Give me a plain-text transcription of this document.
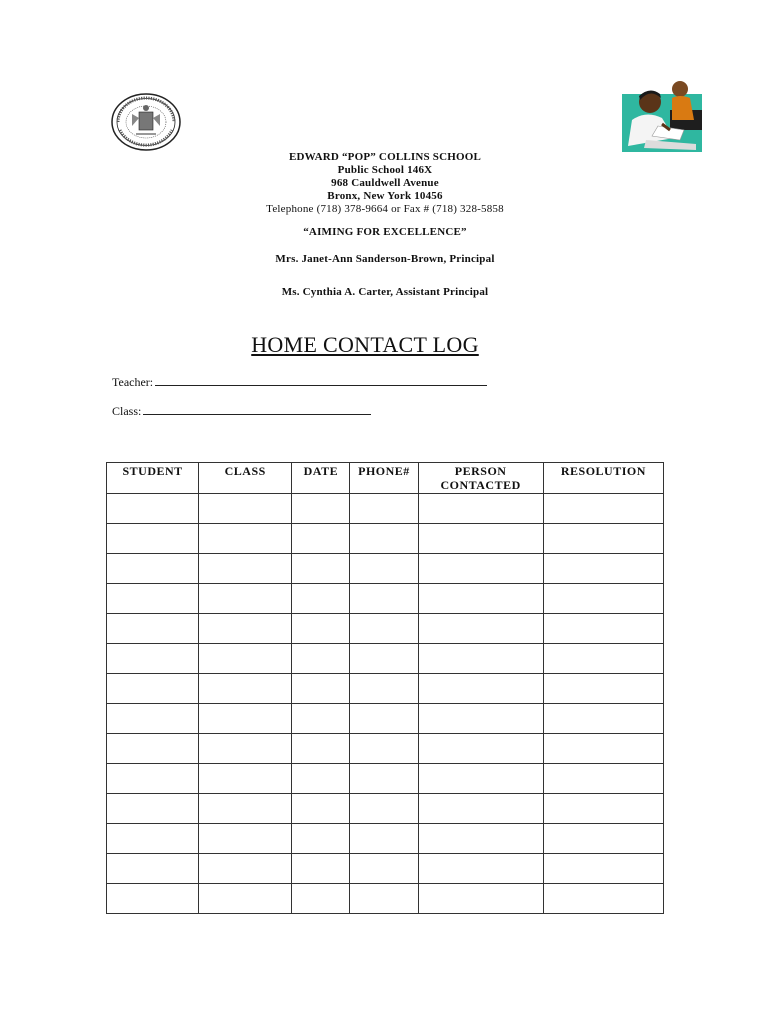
EDWARD “POP” COLLINS SCHOOL
Public School 146X
968 Cauldwell Avenue
Bronx, New York 10456
Telephone (718) 378-9664 or Fax # (718) 328-5858
“AIMING FOR EXCELLENCE”
Mrs. Janet-Ann Sanderson-Brown, Principal
Ms. Cynthia A. Carter, Assistant Principal
HOME CONTACT LOG
Teacher:
Class:
STUDENT	CLASS	DATE	PHONE#	PERSON CONTACTED	RESOLUTION
